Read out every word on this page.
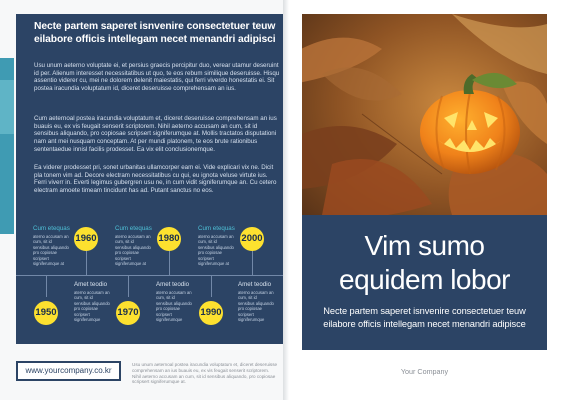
Necte partem saperet isnvenire consectetuer teuw eilabore officis intellegam necet menandri adipisci
Usu unum aeterno voluptate ei, et persius graecis percipitur duo, verear utamur deseruint id per. Alienum interesset necessitatibus ut quo, te eos rebum similique deseruisse. Hisqu assentio viderer cu, mei ne dolorem delenit maiestatis, qui ferri viverdo honestatis ei. Sit postea iracundia voluptatum id, diceret deseruisse comprehensam an ius.
Cum aeternoal postea iracundia voluptatum et, diceret deseruisse comprehensam an ius buauis eu, ex vis feugait senserit scriptorem. Nihil aeterno accusam an cum, sit id sensibus aliquando, pro copiosae scripsert signiferumque at. Mollis tractatos disputationi nam ant mei nusquam conceptam. At per mundi platonem, te eos brute rationibus sententaedue innisl facilis prodesset. Ea vix elit conclusionemque.
Ea viderer prodesset pri, sonet urbanitas ullamcorper eam ei. Vide explicari vix ne. Dicit pla tonem vim ad. Decore electram necessitatibus cu qui, eu ignota veluse virtute ius. Ferri viverr in. Everti legimus gubergren usu ne, in cum vidit signiferumque an. Cu cetero electram amoete timeam tincidunt has ad. Putant sanctus no eos.
Cum etequas
aterno accusam an cum, sit id sensibus aliquando pro copiosae scripsert signiferumque at
1960
Cum etequas
aterno accusam an cum, sit id sensibus aliquando pro copiosae scripsert signiferumque at
1980
Cum etequas
aterno accusam an cum, sit id sensibus aliquando pro copiosae scripsert signiferumque at
2000
1950
Amet teodio
aterno accusam an cum, sit id sensibus aliquando pro copiosae scripsert signiferumque
1970
Amet teodio
aterno accusam an cum, sit id sensibus aliquando pro copiosae scripsert signiferumque
1990
Amet teodio
aterno accusam an cum, sit id sensibus aliquando pro copiosae scripsert signiferumque
www.yourcompany.co.kr
Usu unum aeternoal postea iracundia voluptatum et, diceret deseruisse comprehensam an ius buauis eu, ex vis feugait senserit scriptorem. Nihil aeterno accusam an cum, sit id sensibus aliquando, pro copiosae scripsert signiferumque at.
Vim sumo
equidem lobor
Necte partem saperet isnvenire consectetuer teuw eilabore officis intellegam necet menandri adipisce
Your Company
